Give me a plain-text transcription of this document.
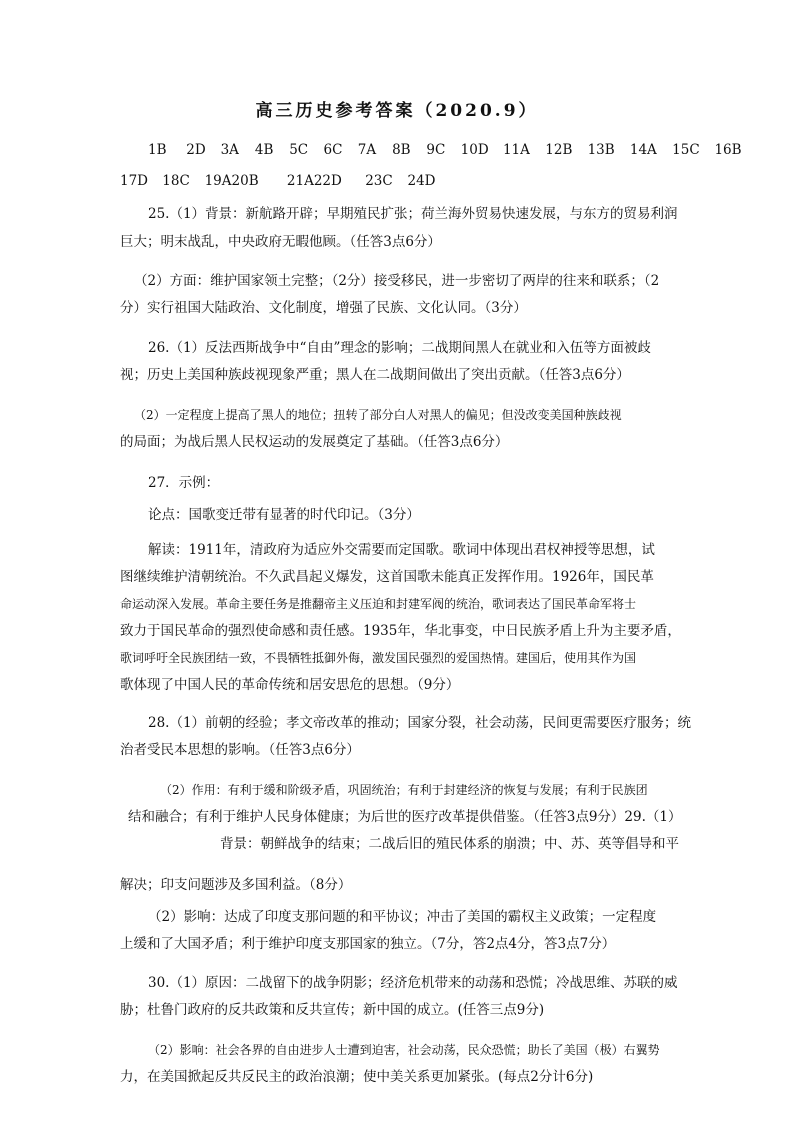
高三历史参考答案（2020.9）
1B 2D 3A 4B 5C 6C 7A 8B 9C 10D 11A 12B 13B 14A 15C 16B
17D 18C 19A20B 21A22D 23C 24D
25.（1）背景：新航路开辟；早期殖民扩张；荷兰海外贸易快速发展，与东方的贸易利润
巨大；明末战乱，中央政府无暇他顾。（任答3点6分）
（2）方面：维护国家领土完整；（2分）接受移民，进一步密切了两岸的往来和联系；（2
分）实行祖国大陆政治、文化制度，增强了民族、文化认同。（3分）
26.（1）反法西斯战争中“自由”理念的影响；二战期间黑人在就业和入伍等方面被歧
视；历史上美国种族歧视现象严重；黑人在二战期间做出了突出贡献。（任答3点6分）
（2）一定程度上提高了黑人的地位；扭转了部分白人对黑人的偏见；但没改变美国种族歧视
的局面；为战后黑人民权运动的发展奠定了基础。（任答3点6分）
27．示例：
论点：国歌变迁带有显著的时代印记。（3分）
解读：1911年，清政府为适应外交需要而定国歌。歌词中体现出君权神授等思想，试
图继续维护清朝统治。不久武昌起义爆发，这首国歌未能真正发挥作用。1926年，国民革
命运动深入发展。革命主要任务是推翻帝主义压迫和封建军阀的统治，歌词表达了国民革命军将士
致力于国民革命的强烈使命感和责任感。1935年，华北事变，中日民族矛盾上升为主要矛盾，
歌词呼吁全民族团结一致，不畏牺牲抵御外侮，激发国民强烈的爱国热情。建国后，使用其作为国
歌体现了中国人民的革命传统和居安思危的思想。（9分）
28.（1）前朝的经验；孝文帝改革的推动；国家分裂，社会动荡，民间更需要医疗服务；统
治者受民本思想的影响。（任答3点6分）
（2）作用：有利于缓和阶级矛盾，巩固统治；有利于封建经济的恢复与发展；有利于民族团
结和融合；有利于维护人民身体健康；为后世的医疗改革提供借鉴。（任答3点9分）29.（1）
背景：朝鲜战争的结束；二战后旧的殖民体系的崩溃；中、苏、英等倡导和平
解决；印支问题涉及多国利益。（8分）
（2）影响：达成了印度支那问题的和平协议；冲击了美国的霸权主义政策；一定程度
上缓和了大国矛盾；利于维护印度支那国家的独立。（7分，答2点4分，答3点7分）
30.（1）原因：二战留下的战争阴影；经济危机带来的动荡和恐慌；冷战思维、苏联的威
胁；杜鲁门政府的反共政策和反共宣传；新中国的成立。(任答三点9分)
（2）影响：社会各界的自由进步人士遭到迫害，社会动荡，民众恐慌；助长了美国（极）右翼势
力，在美国掀起反共反民主的政治浪潮；使中美关系更加紧张。(每点2分计6分)
